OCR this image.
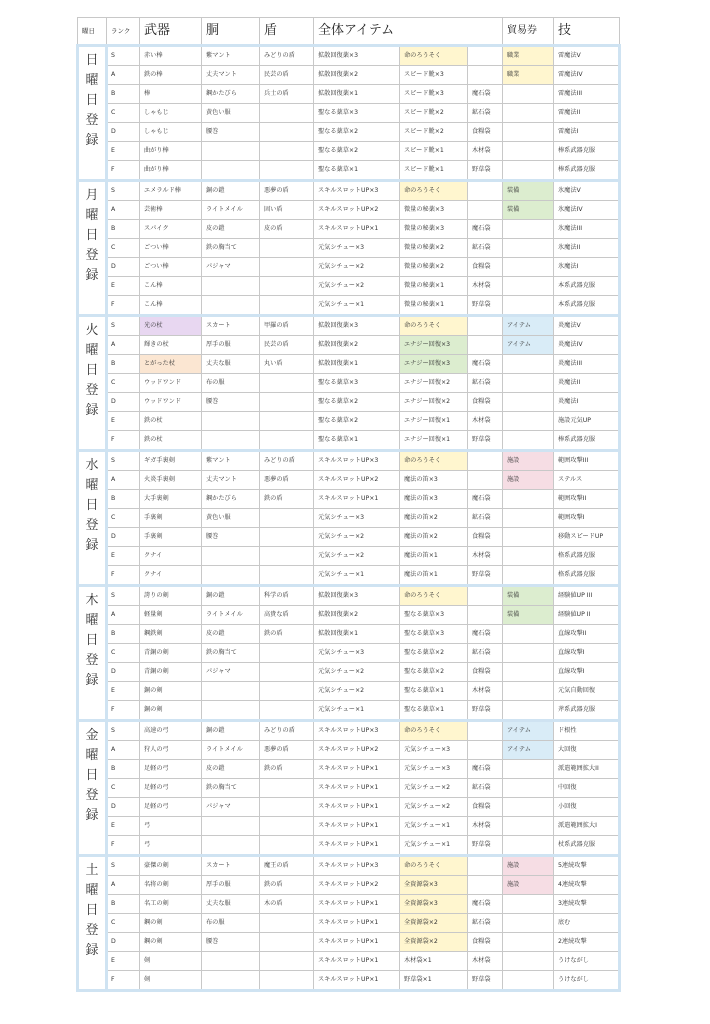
曜日	ランク	武器	胴	盾	全体アイテム			貿易券	技

日
曜
日
登
録	S	赤い棒	紫マント	みどりの盾	拡散回復薬×3	命のろうそく		職業	雷魔法V
	A	鉄の棒	丈夫マント	民芸の盾	拡散回復薬×2	スピード靴×3		職業	雷魔法IV
	B	棒	鋼かたびら	兵士の盾	拡散回復薬×1	スピード靴×3	魔石袋		雷魔法III
	C	しゃもじ	黄色い服		聖なる薬草×3	スピード靴×2	鉱石袋		雷魔法II
	D	しゃもじ	腰巻		聖なる薬草×2	スピード靴×2	食糧袋		雷魔法I
	E	曲がり棒			聖なる薬草×2	スピード靴×1	木材袋		棒系武器克服
	F	曲がり棒			聖なる薬草×1	スピード靴×1	野草袋		棒系武器克服

月
曜
日
登
録	S	エメラルド棒	銅の鎧	悪夢の盾	スキルスロットUP×3	命のろうそく		装備	氷魔法V
	A	芸術棒	ライトメイル	固い盾	スキルスロットUP×2	微量の秘薬×3		装備	氷魔法IV
	B	スパイク	皮の鎧	皮の盾	スキルスロットUP×1	微量の秘薬×3	魔石袋		氷魔法III
	C	ごつい棒	鉄の胸当て		元気シチュー×3	微量の秘薬×2	鉱石袋		氷魔法II
	D	ごつい棒	パジャマ		元気シチュー×2	微量の秘薬×2	食糧袋		氷魔法I
	E	こん棒			元気シチュー×2	微量の秘薬×1	木材袋		本系武器克服
	F	こん棒			元気シチュー×1	微量の秘薬×1	野草袋		本系武器克服

火
曜
日
登
録	S	光の杖	スカート	甲羅の盾	拡散回復薬×3	命のろうそく		アイテム	炎魔法V
	A	輝きの杖	厚手の服	民芸の盾	拡散回復薬×2	エナジー回復×3		アイテム	炎魔法IV
	B	とがった杖	丈夫な服	丸い盾	拡散回復薬×1	エナジー回復×3	魔石袋		炎魔法III
	C	ウッドワンド	布の服		聖なる薬草×3	エナジー回復×2	鉱石袋		炎魔法II
	D	ウッドワンド	腰巻		聖なる薬草×2	エナジー回復×2	食糧袋		炎魔法I
	E	鉄の杖			聖なる薬草×2	エナジー回復×1	木材袋		施設元気UP
	F	鉄の杖			聖なる薬草×1	エナジー回復×1	野草袋		棒系武器克服

水
曜
日
登
録	S	ギガ手裏剣	紫マント	みどりの盾	スキルスロットUP×3	命のろうそく		施設	範囲攻撃III
	A	火炎手裏剣	丈夫マント	悪夢の盾	スキルスロットUP×2	魔法の笛×3		施設	ステルス
	B	大手裏剣	鋼かたびら	鉄の盾	スキルスロットUP×1	魔法の笛×3	魔石袋		範囲攻撃II
	C	手裏剣	黄色い服		元気シチュー×3	魔法の笛×2	鉱石袋		範囲攻撃I
	D	手裏剣	腰巻		元気シチュー×2	魔法の笛×2	食糧袋		移動スピードUP
	E	クナイ			元気シチュー×2	魔法の笛×1	木材袋		格系武器克服
	F	クナイ			元気シチュー×1	魔法の笛×1	野草袋		格系武器克服

木
曜
日
登
録	S	誇りの剣	銅の鎧	科学の盾	拡散回復薬×3	命のろうそく		装備	経験値UP III
	A	軽量剣	ライトメイル	高貴な盾	拡散回復薬×2	聖なる薬草×3		装備	経験値UP II
	B	鋼鉄剣	皮の鎧	鉄の盾	拡散回復薬×1	聖なる薬草×3	魔石袋		直線攻撃II
	C	青銅の剣	鉄の胸当て		元気シチュー×3	聖なる薬草×2	鉱石袋		直線攻撃I
	D	青銅の剣	パジャマ		元気シチュー×2	聖なる薬草×2	食糧袋		直線攻撃I
	E	銅の剣			元気シチュー×2	聖なる薬草×1	木材袋		元気自動回復
	F	銅の剣			元気シチュー×1	聖なる薬草×1	野草袋		斧系武器克服

金
曜
日
登
録	S	高速の弓	銅の鎧	みどりの盾	スキルスロットUP×3	命のろうそく		アイテム	ド根性
	A	狩人の弓	ライトメイル	悪夢の盾	スキルスロットUP×2	元気シチュー×3		アイテム	大回復
	B	足軽の弓	皮の鎧	鉄の盾	スキルスロットUP×1	元気シチュー×3	魔石袋		派遣範囲拡大II
	C	足軽の弓	鉄の胸当て		スキルスロットUP×1	元気シチュー×2	鉱石袋		中回復
	D	足軽の弓	パジャマ		スキルスロットUP×1	元気シチュー×2	食糧袋		小回復
	E	弓			スキルスロットUP×1	元気シチュー×1	木材袋		派遣範囲拡大I
	F	弓			スキルスロットUP×1	元気シチュー×1	野草袋		杖系武器克服

土
曜
日
登
録	S	豪傑の剣	スカート	魔王の盾	スキルスロットUP×3	命のろうそく		施設	5連続攻撃
	A	名将の剣	厚手の服	鉄の盾	スキルスロットUP×2	全資源袋×3		施設	4連続攻撃
	B	名工の剣	丈夫な服	木の盾	スキルスロットUP×1	全資源袋×3	魔石袋		3連続攻撃
	C	鋼の剣	布の服		スキルスロットUP×1	全資源袋×2	鉱石袋		底む
	D	鋼の剣	腰巻		スキルスロットUP×1	全資源袋×2	食糧袋		2連続攻撃
	E	剣			スキルスロットUP×1	木材袋×1	木材袋		うけながし
	F	剣			スキルスロットUP×1	野草袋×1	野草袋		うけながし
